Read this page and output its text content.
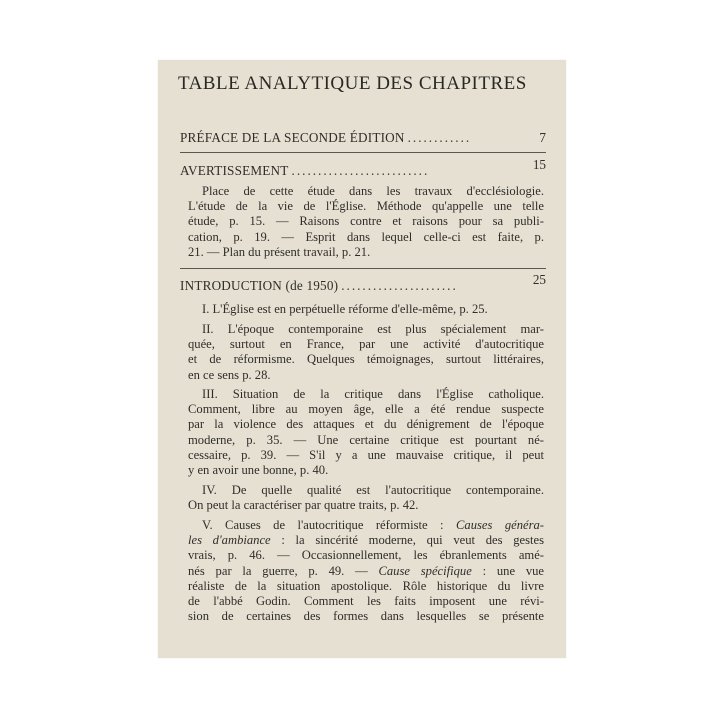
TABLE ANALYTIQUE DES CHAPITRES
PRÉFACE DE LA SECONDE ÉDITION ............	7
AVERTISSEMENT ..........................	15
Place de cette étude dans les travaux d'ecclésiologie.
L'étude de la vie de l'Église. Méthode qu'appelle une telle
étude, p. 15. — Raisons contre et raisons pour sa publi-
cation, p. 19. — Esprit dans lequel celle-ci est faite, p.
21. — Plan du présent travail, p. 21.
INTRODUCTION (de 1950) ......................	25
I. L'Église est en perpétuelle réforme d'elle-même, p. 25.
II. L'époque contemporaine est plus spécialement mar-
quée, surtout en France, par une activité d'autocritique
et de réformisme. Quelques témoignages, surtout littéraires,
en ce sens p. 28.
III. Situation de la critique dans l'Église catholique.
Comment, libre au moyen âge, elle a été rendue suspecte
par la violence des attaques et du dénigrement de l'époque
moderne, p. 35. — Une certaine critique est pourtant né-
cessaire, p. 39. — S'il y a une mauvaise critique, il peut
y en avoir une bonne, p. 40.
IV. De quelle qualité est l'autocritique contemporaine.
On peut la caractériser par quatre traits, p. 42.
V. Causes de l'autocritique réformiste : Causes généra-
les d'ambiance : la sincérité moderne, qui veut des gestes
vrais, p. 46. — Occasionnellement, les ébranlements amé-
nés par la guerre, p. 49. — Cause spécifique : une vue
réaliste de la situation apostolique. Rôle historique du livre
de l'abbé Godin. Comment les faits imposent une révi-
sion de certaines des formes dans lesquelles se présente
